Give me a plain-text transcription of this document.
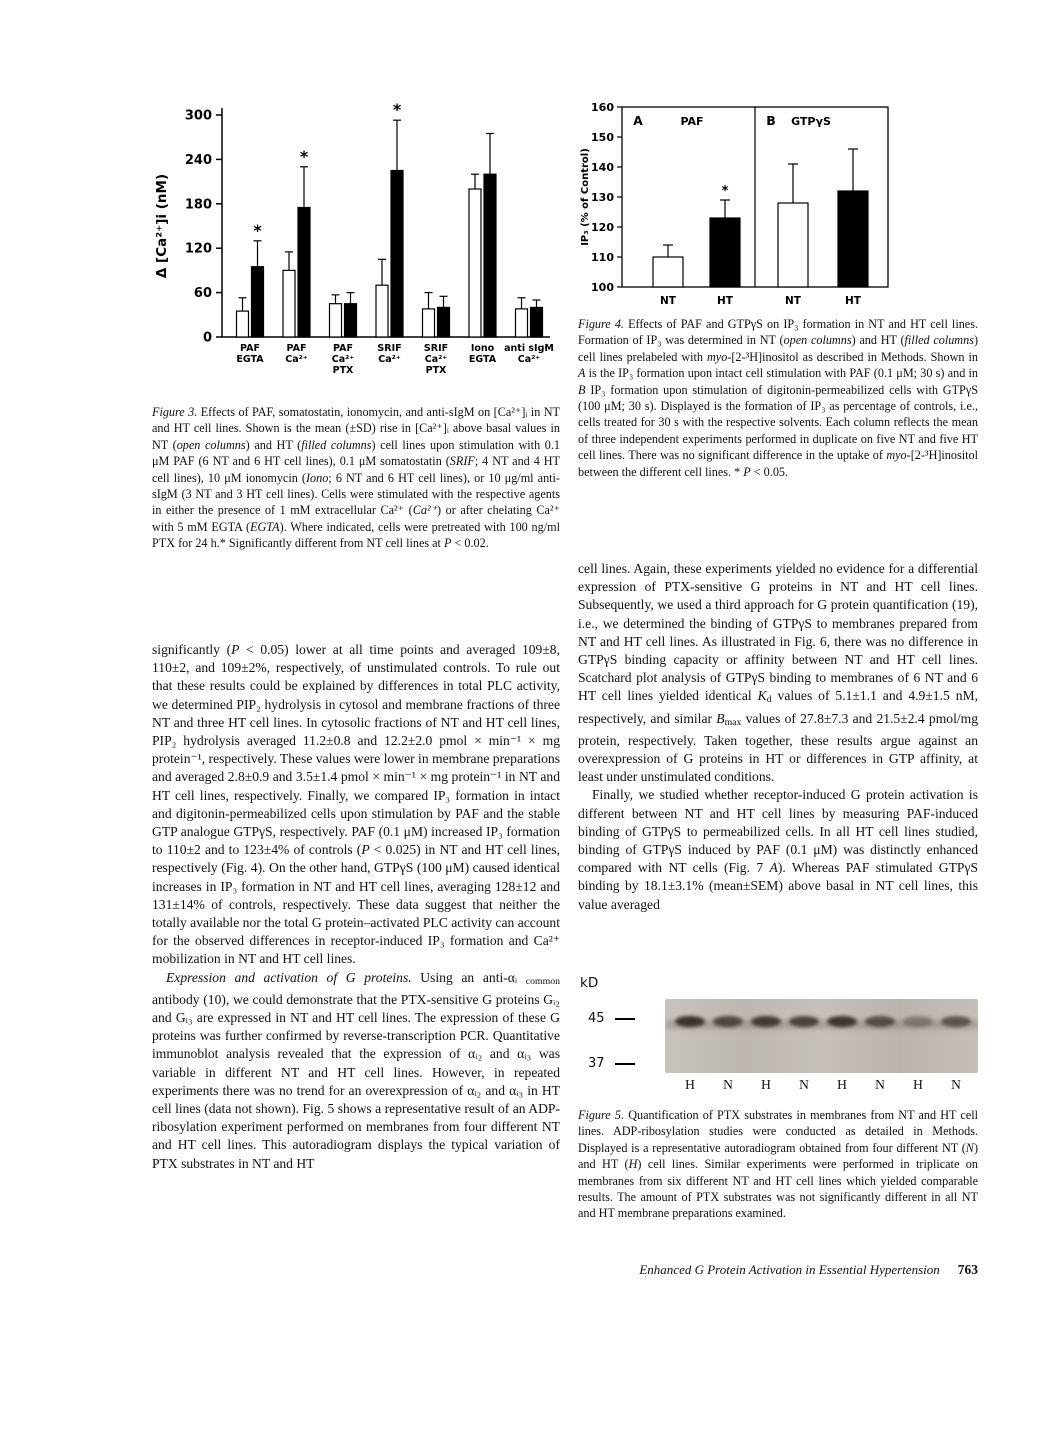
0
60
120
180
240
300
Δ [Ca²⁺]i (nM)	*
PAF
EGTA
*
PAF
Ca²⁺
PAF
Ca²⁺
PTX
*
SRIF
Ca²⁺
SRIF
Ca²⁺
PTX
Iono
EGTA
anti sIgM
Ca²⁺
Figure 3. Effects of PAF, somatostatin, ionomycin, and anti-sIgM on [Ca²⁺]ᵢ in NT and HT cell lines. Shown is the mean (±SD) rise in [Ca²⁺]ᵢ above basal values in NT (open columns) and HT (filled columns) cell lines upon stimulation with 0.1 μM PAF (6 NT and 6 HT cell lines), 0.1 μM somatostatin (SRIF; 4 NT and 4 HT cell lines), 10 μM ionomycin (Iono; 6 NT and 6 HT cell lines), or 10 μg/ml anti-sIgM (3 NT and 3 HT cell lines). Cells were stimulated with the respective agents in either the presence of 1 mM extracellular Ca²⁺ (Ca²⁺) or after chelating Ca²⁺ with 5 mM EGTA (EGTA). Where indicated, cells were pretreated with 100 ng/ml PTX for 24 h.* Significantly different from NT cell lines at P < 0.02.

significantly (P < 0.05) lower at all time points and averaged 109±8, 110±2, and 109±2%, respectively, of unstimulated controls. To rule out that these results could be explained by differences in total PLC activity, we determined PIP₂ hydrolysis in cytosol and membrane fractions of three NT and three HT cell lines. In cytosolic fractions of NT and HT cell lines, PIP₂ hydrolysis averaged 11.2±0.8 and 12.2±2.0 pmol × min⁻¹ × mg protein⁻¹, respectively. These values were lower in membrane preparations and averaged 2.8±0.9 and 3.5±1.4 pmol × min⁻¹ × mg protein⁻¹ in NT and HT cell lines, respectively. Finally, we compared IP₃ formation in intact and digitonin-permeabilized cells upon stimulation by PAF and the stable GTP analogue GTPγS, respectively. PAF (0.1 μM) increased IP₃ formation to 110±2 and to 123±4% of controls (P < 0.025) in NT and HT cell lines, respectively (Fig. 4). On the other hand, GTPγS (100 μM) caused identical increases in IP₃ formation in NT and HT cell lines, averaging 128±12 and 131±14% of controls, respectively. These data suggest that neither the totally available nor the total G protein–activated PLC activity can account for the observed differences in receptor-induced IP₃ formation and Ca²⁺ mobilization in NT and HT cell lines.

Expression and activation of G proteins. Using an anti-αᵢ common antibody (10), we could demonstrate that the PTX-sensitive G proteins Gᵢ₂ and Gᵢ₃ are expressed in NT and HT cell lines. The expression of these G proteins was further confirmed by reverse-transcription PCR. Quantitative immunoblot analysis revealed that the expression of αᵢ₂ and αᵢ₃ was variable in different NT and HT cell lines. However, in repeated experiments there was no trend for an overexpression of αᵢ₂ and αᵢ₃ in HT cell lines (data not shown). Fig. 5 shows a representative result of an ADP-ribosylation experiment performed on membranes from four different NT and HT cell lines. This autoradiogram displays the typical variation of PTX substrates in NT and HT

100
110
120
130
140
150
160
IP₃ (% of Control)
A	PAF
NT
*
HT
B GTPγS
NT	HT
Figure 4. Effects of PAF and GTPγS on IP₃ formation in NT and HT cell lines. Formation of IP₃ was determined in NT (open columns) and HT (filled columns) cell lines prelabeled with myo-[2-³H]inositol as described in Methods. Shown in A is the IP₃ formation upon intact cell stimulation with PAF (0.1 μM; 30 s) and in B IP₃ formation upon stimulation of digitonin-permeabilized cells with GTPγS (100 μM; 30 s). Displayed is the formation of IP₃ as percentage of controls, i.e., cells treated for 30 s with the respective solvents. Each column reflects the mean of three independent experiments performed in duplicate on five NT and five HT cell lines. There was no significant difference in the uptake of myo-[2-³H]inositol between the different cell lines. * P < 0.05.

cell lines. Again, these experiments yielded no evidence for a differential expression of PTX-sensitive G proteins in NT and HT cell lines. Subsequently, we used a third approach for G protein quantification (19), i.e., we determined the binding of GTPγS to membranes prepared from NT and HT cell lines. As illustrated in Fig. 6, there was no difference in GTPγS binding capacity or affinity between NT and HT cell lines. Scatchard plot analysis of GTPγS binding to membranes of 6 NT and 6 HT cell lines yielded identical Kd values of 5.1±1.1 and 4.9±1.5 nM, respectively, and similar Bmax values of 27.8±7.3 and 21.5±2.4 pmol/mg protein, respectively. Taken together, these results argue against an overexpression of G proteins in HT or differences in GTP affinity, at least under unstimulated conditions.

Finally, we studied whether receptor-induced G protein activation is different between NT and HT cell lines by measuring PAF-induced binding of GTPγS to permeabilized cells. In all HT cell lines studied, binding of GTPγS induced by PAF (0.1 μM) was distinctly enhanced compared with NT cells (Fig. 7 A). Whereas PAF stimulated GTPγS binding by 18.1±3.1% (mean±SEM) above basal in NT cell lines, this value averaged

kD
45
37
H N H N H N H N
Figure 5. Quantification of PTX substrates in membranes from NT and HT cell lines. ADP-ribosylation studies were conducted as detailed in Methods. Displayed is a representative autoradiogram obtained from four different NT (N) and HT (H) cell lines. Similar experiments were performed in triplicate on membranes from six different NT and HT cell lines which yielded comparable results. The amount of PTX substrates was not significantly different in all NT and HT membrane preparations examined.
Enhanced G Protein Activation in Essential Hypertension 763
